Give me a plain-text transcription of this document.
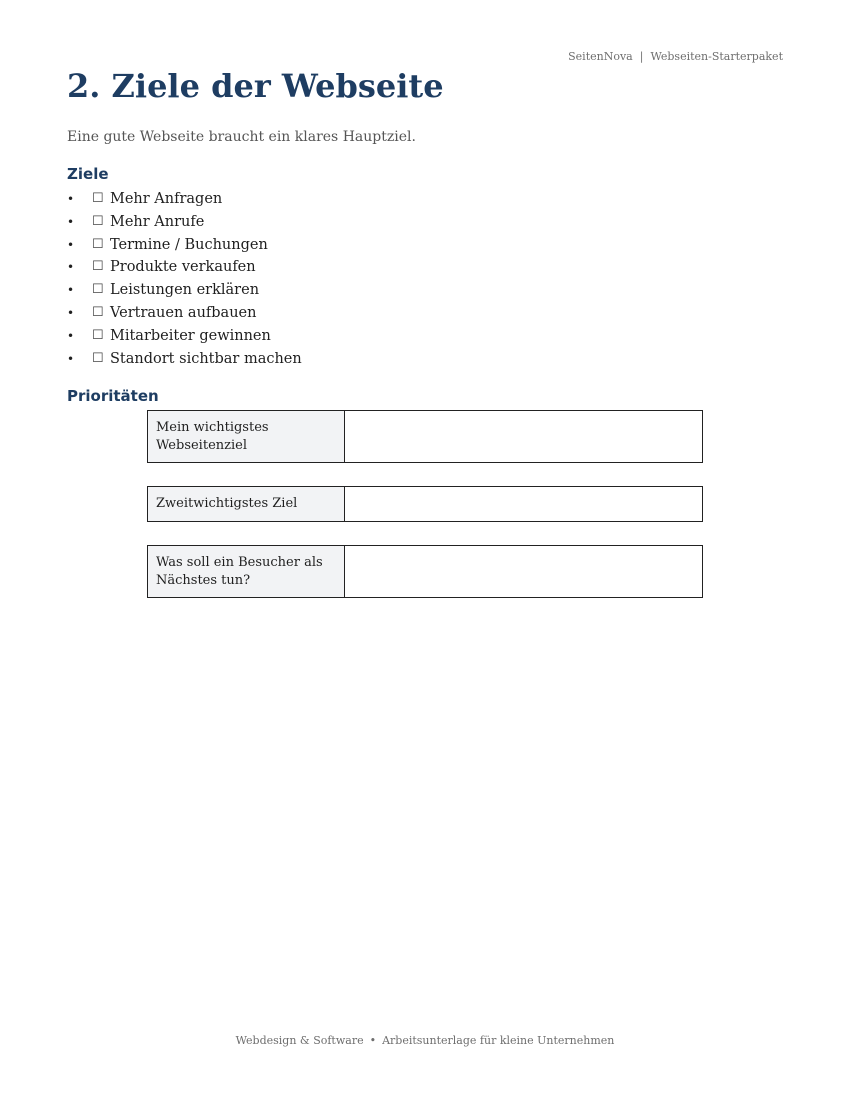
SeitenNova | Webseiten-Starterpaket
2. Ziele der Webseite
Eine gute Webseite braucht ein klares Hauptziel.
Ziele
• ☐ Mehr Anfragen
• ☐ Mehr Anrufe
• ☐ Termine / Buchungen
• ☐ Produkte verkaufen
• ☐ Leistungen erklären
• ☐ Vertrauen aufbauen
• ☐ Mitarbeiter gewinnen
• ☐ Standort sichtbar machen
Prioritäten
Mein wichtigstes Webseitenziel	
Zweitwichtigstes Ziel	
Was soll ein Besucher als Nächstes tun?	
Webdesign & Software • Arbeitsunterlage für kleine Unternehmen
